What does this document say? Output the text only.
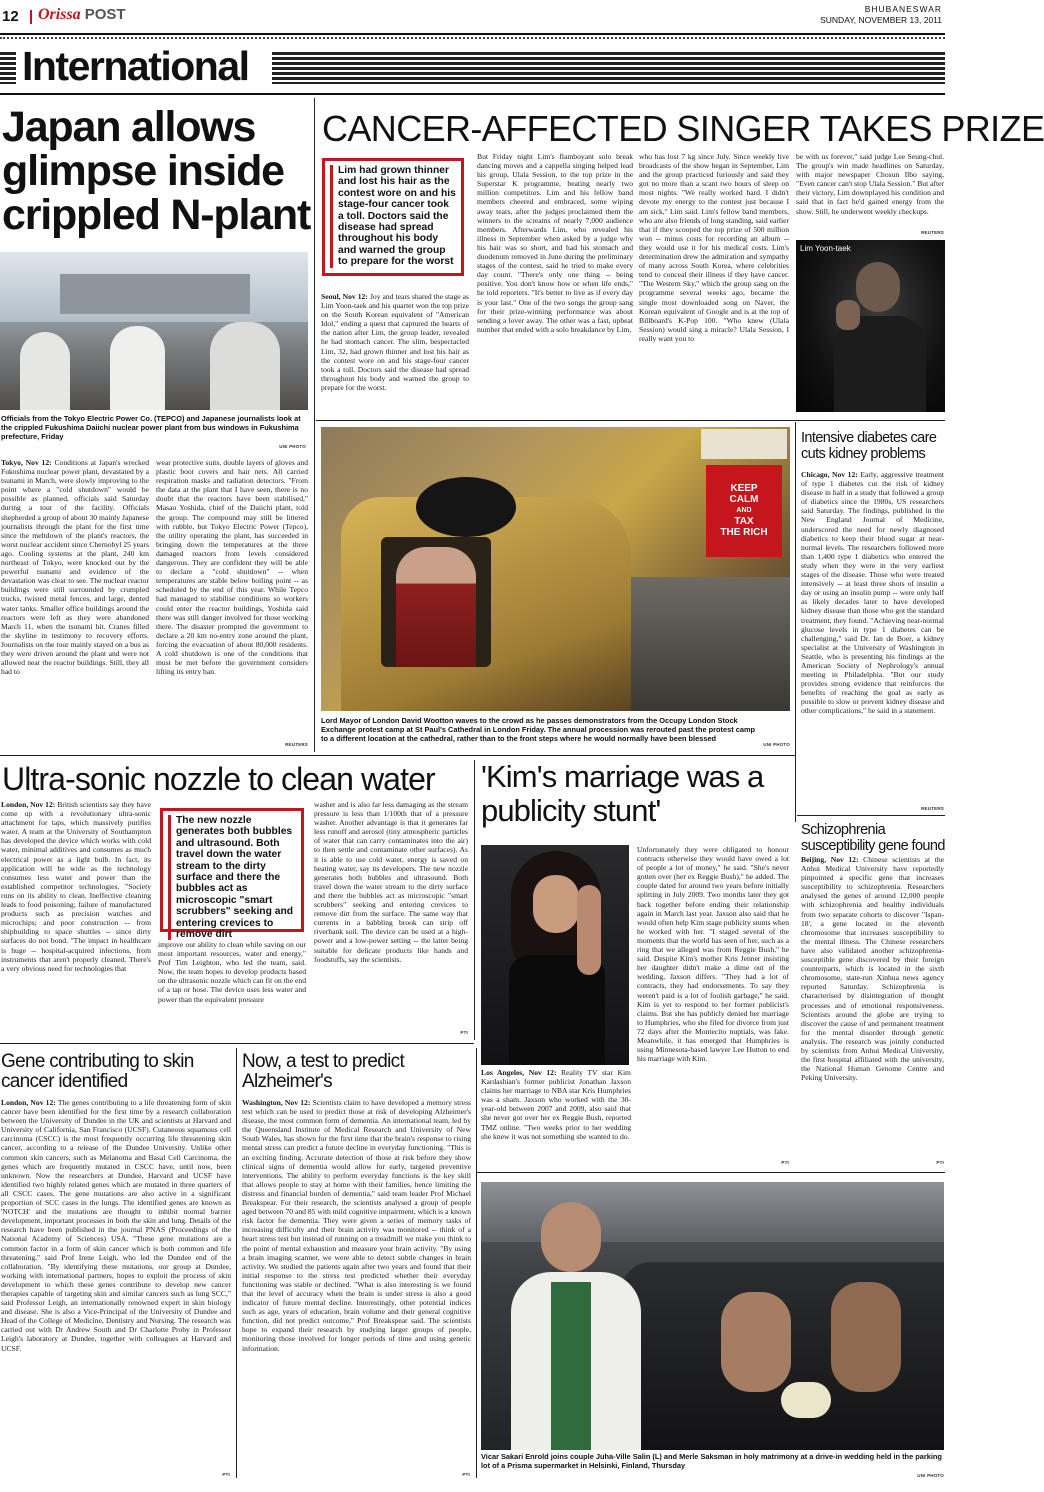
12 Orissa POST	BHUBANESWAR
SUNDAY, NOVEMBER 13, 2011
International
Japan allows glimpse inside crippled N-plant
Officials from the Tokyo Electric Power Co. (TEPCO) and Japanese journalists look at the crippled Fukushima Daiichi nuclear power plant from bus windows in Fukushima prefecture, Friday
UNI PHOTO

Tokyo, Nov 12: Conditions at Japan's wrecked Fukushima nuclear power plant, devastated by a tsunami in March, were slowly improving to the point where a "cold shutdown" would be possible as planned, officials said Saturday during a tour of the facility. Officials shepherded a group of about 30 mainly Japanese journalists through the plant for the first time since the meltdown of the plant's reactors, the worst nuclear accident since Chernobyl 25 years ago. Cooling systems at the plant, 240 km northeast of Tokyo, were knocked out by the powerful tsunami and evidence of the devastation was clear to see. The nuclear reactor buildings were still surrounded by crumpled trucks, twisted metal fences, and large, dented water tanks. Smaller office buildings around the reactors were left as they were abandoned March 11, when the tsunami hit. Cranes filled the skyline in testimony to recovery efforts. Journalists on the tour mainly stayed on a bus as they were driven around the plant and were not allowed near the reactor buildings. Still, they all had to

wear protective suits, double layers of gloves and plastic boot covers and hair nets. All carried respiration masks and radiation detectors. "From the data at the plant that I have seen, there is no doubt that the reactors have been stabilised," Masao Yoshida, chief of the Daiichi plant, told the group. The compound may still be littered with rubble, but Tokyo Electric Power (Tepco), the utility operating the plant, has succeeded in bringing down the temperatures at the three damaged reactors from levels considered dangerous. They are confident they will be able to declare a "cold shutdown" -- when temperatures are stable below boiling point -- as scheduled by the end of this year. While Tepco had managed to stabilise conditions so workers could enter the reactor buildings, Yoshida said there was still danger involved for those working there. The disaster prompted the government to declare a 20 km no-entry zone around the plant, forcing the evacuation of about 80,000 residents. A cold shutdown is one of the conditions that must be met before the government considers lifting its entry ban.

REUTERS
CANCER-AFFECTED SINGER TAKES PRIZE
Lim had grown thinner and lost his hair as the contest wore on and his stage-four cancer took a toll. Doctors said the disease had spread throughout his body and warned the group to prepare for the worst

Seoul, Nov 12: Joy and tears shared the stage as Lim Yoon-taek and his quartet won the top prize on the South Korean equivalent of "American Idol," ending a quest that captured the hearts of the nation after Lim, the group leader, revealed he had stomach cancer. The slim, bespectacled Lim, 32, had grown thinner and lost his hair as the contest wore on and his stage-four cancer took a toll. Doctors said the disease had spread throughout his body and warned the group to prepare for the worst.

But Friday night Lim's flamboyant solo break dancing moves and a cappella singing helped lead his group, Ulala Session, to the top prize in the Superstar K programme, beating nearly two million competitors. Lim and his fellow band members cheered and embraced, some wiping away tears, after the judges proclaimed them the winners to the screams of nearly 7,000 audience members. Afterwards Lim, who revealed his illness in September when asked by a judge why his hair was so short, and had his stomach and duodenum removed in June during the preliminary stages of the contest, said he tried to make every day count. "There's only one thing -- being positive. You don't know how or when life ends," he told reporters. "It's better to live as if every day is your last." One of the two songs the group sang for their prize-winning performance was about sending a lover away. The other was a fast, upbeat number that ended with a solo breakdance by Lim,

who has lost 7 kg since July. Since weekly live broadcasts of the show began in September, Lim and the group practiced furiously and said they got no more than a scant two hours of sleep on most nights. "We really worked hard. I didn't devote my energy to the contest just because I am sick," Lim said. Lim's fellow band members, who are also friends of long standing, said earlier that if they scooped the top prize of 500 million won -- minus costs for recording an album -- they would use it for his medical costs. Lim's determination drew the admiration and sympathy of many across South Korea, where celebrities tend to conceal their illness if they have cancer. "The Western Sky," which the group sang on the programme several weeks ago, became the single most downloaded song on Naver, the Korean equivalent of Google and is at the top of Billboard's K-Pop 100. "Who knew (Ulala Session) would sing a miracle? Ulala Session, I really want you to

be with us forever," said judge Lee Seung-chul. The group's win made headlines on Saturday, with major newspaper Chosun Ilbo saying, "Even cancer can't stop Ulala Session." But after their victory, Lim downplayed his condition and said that in fact he'd gained energy from the show. Still, he underwent weekly checkups.

REUTERS
Lim Yoon-taek
KEEP
CALM
AND
TAX
THE RICH
Lord Mayor of London David Wootton waves to the crowd as he passes demonstrators from the Occupy London Stock Exchange protest camp at St Paul's Cathedral in London Friday. The annual procession was rerouted past the protest camp to a different location at the cathedral, rather than to the front steps where he would normally have been blessed
UNI PHOTO
Intensive diabetes care cuts kidney problems

Chicago, Nov 12: Early, aggressive treatment of type 1 diabetes cut the risk of kidney disease in half in a study that followed a group of diabetics since the 1980s, US researchers said Saturday. The findings, published in the New England Journal of Medicine, underscored the need for newly diagnosed diabetics to keep their blood sugar at near-normal levels. The researchers followed more than 1,400 type 1 diabetics who entered the study when they were in the very earliest stages of the disease. Those who were treated intensively -- at least three shots of insulin a day or using an insulin pump -- were only half as likely decades later to have developed kidney disease than those who got the standard treatment, they found. "Achieving near-normal glucose levels in type 1 diabetes can be challenging," said Dr. Ian de Boer, a kidney specialist at the University of Washington in Seattle, who is presenting his findings at the American Society of Nephrology's annual meeting in Philadelphia. "But our study provides strong evidence that reinforces the benefits of reaching the goal as early as possible to slow or prevent kidney disease and other complications," he said in a statement.

REUTERS
Schizophrenia susceptibility gene found

Beijing, Nov 12: Chinese scientists at the Anhui Medical University have reportedly pinpointed a specific gene that increases susceptibility to schizophrenia. Researchers analysed the genes of around 12,000 people with schizophrenia and healthy individuals from two separate cohorts to discover "Ispan-18', a gene located in the eleventh chromosome that increases susceptibility to the mental illness. The Chinese researchers have also validated another schizophrenia-susceptible gene discovered by their foreign counterparts, which is located in the sixth chromosome, state-run Xinhua news agency reported Saturday. Schizophrenia is characterised by disintegration of thought processes and of emotional responsiveness. Scientists around the globe are trying to discover the cause of and permanent treatment for the mental disorder through genetic analysis. The research was jointly conducted by scientists from Anhui Medical University, the first hospital affiliated with the university, the National Human Genome Centre and Peking University.

PTI
Ultra-sonic nozzle to clean water

London, Nov 12: British scientists say they have come up with a revolutionary ultra-sonic attachment for taps, which massively purifies water. A team at the University of Southampton has developed the device which works with cold water, minimal additives and consumes as much electrical power as a light bulb. In fact, its application will be wide as the technology consumes less water and power than the established competitor technologies. "Society runs on its ability to clean. Ineffective cleaning leads to food poisoning; failure of manufactured products such as precision watches and microchips; and poor construction -- from shipbuilding to space shuttles -- since dirty surfaces do not bond. "The impact in healthcare is huge -- hospital-acquired infections, from instruments that aren't properly cleaned. There's a very obvious need for technologies that

The new nozzle generates both bubbles and ultrasound. Both travel down the water stream to the dirty surface and there the bubbles act as microscopic "smart scrubbers" seeking and entering crevices to remove dirt

improve our ability to clean while saving on our most important resources, water and energy," Prof Tim Leighton, who led the team, said. Now, the team hopes to develop products based on the ultrasonic nozzle which can fit on the end of a tap or hose. The device uses less water and power than the equivalent pressure

washer and is also far less damaging as the stream pressure is less than 1/100th that of a pressure washer. Another advantage is that it generates far less runoff and aerosol (tiny atmospheric particles of water that can carry contaminates into the air) to then settle and contaminate other surfaces). As it is able to use cold water, energy is saved on heating water, say its developers. The new nozzle generates both bubbles and ultrasound. Both travel down the water stream to the dirty surface and there the bubbles act as microscopic "smart scrubbers" seeking and entering crevices to remove dirt from the surface. The same way that currents in a babbling brook can strip off riverbank soil. The device can be used at a high-power and a low-power setting -- the latter being suitable for delicate products like hands and foodstuffs, say the scientists.

PTI
'Kim's marriage was a publicity stunt'

Los Angeles, Nov 12: Reality TV star Kim Kardashian's former publicist Jonathan Jaxson claims her marriage to NBA star Kris Humphries was a sham. Jaxson who worked with the 30-year-old between 2007 and 2009, also said that she never got over her ex Reggie Bush, reported TMZ online. "Two weeks prior to her wedding she knew it was not something she wanted to do.

Unfortunately they were obligated to honour contracts otherwise they would have owed a lot of people a lot of money," he said. "She's never gotten over (her ex Reggie Bush)," he added. The couple dated for around two years before initially splitting in July 2009. Two months later they got back together before ending their relationship again in March last year. Jaxson also said that he would often help Kim stage publicity stunts when he worked with her. "I staged several of the moments that the world has seen of her, such as a ring that we alleged was from Reggie Bush," he said. Despite Kim's mother Kris Jenner insisting her daughter didn't make a dime out of the wedding, Jaxson differs. "They had a lot of contracts, they had endorsements. To say they weren't paid is a lot of foolish garbage," he said. Kim is yet to respond to her former publicist's claims. But she has publicly denied her marriage to Humphries, who she filed for divorce from just 72 days after the Montecito nuptials, was fake. Meanwhile, it has emerged that Humphries is using Minnesota-based lawyer Lee Hutton to end his marriage with Kim.

PTI
Gene contributing to skin cancer identified

London, Nov 12: The genes contributing to a life threatening form of skin cancer have been identified for the first time by a research collaboration between the University of Dundee in the UK and scientists at Harvard and University of California, San Francisco (UCSF). Cutaneous squamous cell carcinoma (CSCC) is the most frequently occurring life threatening skin cancer, according to a release of the Dundee University. Unlike other common skin cancers, such as Melanoma and Basal Cell Carcinoma, the genes which are frequently mutated in CSCC have, until now, been unknown. Now the researchers at Dundee, Harvard and UCSF have identified two highly related genes which are mutated in three quarters of all CSCC cases. The gene mutations are also active in a significant proportion of SCC cases in the lungs. The identified genes are known as 'NOTCH' and the mutations are thought to inhibit normal barrier development, important processes in both the skin and lung. Details of the research have been published in the journal PNAS (Proceedings of the National Academy of Sciences) USA. "These gene mutations are a common factor in a form of skin cancer which is both common and life threatening," said Prof Irene Leigh, who led the Dundee end of the collaboration. "By identifying these mutations, our group at Dundee, working with international partners, hopes to exploit the process of skin development to which these genes contribute to develop new cancer therapies capable of targeting skin and similar cancers such as lung SCC," said Professor Leigh, an internationally renowned expert in skin biology and disease. She is also a Vice-Principal of the University of Dundee and Head of the College of Medicine, Dentistry and Nursing. The research was carried out with Dr Andrew South and Dr Charlotte Proby in Professor Leigh's laboratory at Dundee, together with colleagues at Harvard and UCSF.

PTI
Now, a test to predict Alzheimer's

Washington, Nov 12: Scientists claim to have developed a memory stress test which can be used to predict those at risk of developing Alzheimer's disease, the most common form of dementia. An international team, led by the Queensland Institute of Medical Research and University of New South Wales, has shown for the first time that the brain's response to rising mental stress can predict a future decline in everyday functioning. "This is an exciting finding. Accurate detection of those at risk before they show clinical signs of dementia would allow for early, targeted preventive interventions. The ability to perform everyday functions is the key skill that allows people to stay at home with their families, hence limiting the distress and financial burden of dementia," said team leader Prof Michael Breakspear. For their research, the scientists analysed a group of people aged between 70 and 85 with mild cognitive impairment, which is a known risk factor for dementia. They were given a series of memory tasks of increasing difficulty and their brain activity was monitored -- think of a heart stress test but instead of running on a treadmill we make you think to the point of mental exhaustion and measure your brain activity. "By using a brain imaging scanner, we were able to detect subtle changes in brain activity. We studied the patients again after two years and found that their initial response to the stress test predicted whether their everyday functioning was stable or declined. "What is also interesting is we found that the level of accuracy when the brain is under stress is also a good indicator of future mental decline. Interestingly, other potential indices such as age, years of education, brain volume and their general cognitive function, did not predict outcome," Prof Breakspear said. The scientists hope to expand their research by studying larger groups of people, monitoring those involved for longer periods of time and using genetic information.

PTI
Vicar Sakari Enrold joins couple Juha-Ville Salin (L) and Merle Saksman in holy matrimony at a drive-in wedding held in the parking lot of a Prisma supermarket in Helsinki, Finland, Thursday
UNI PHOTO
